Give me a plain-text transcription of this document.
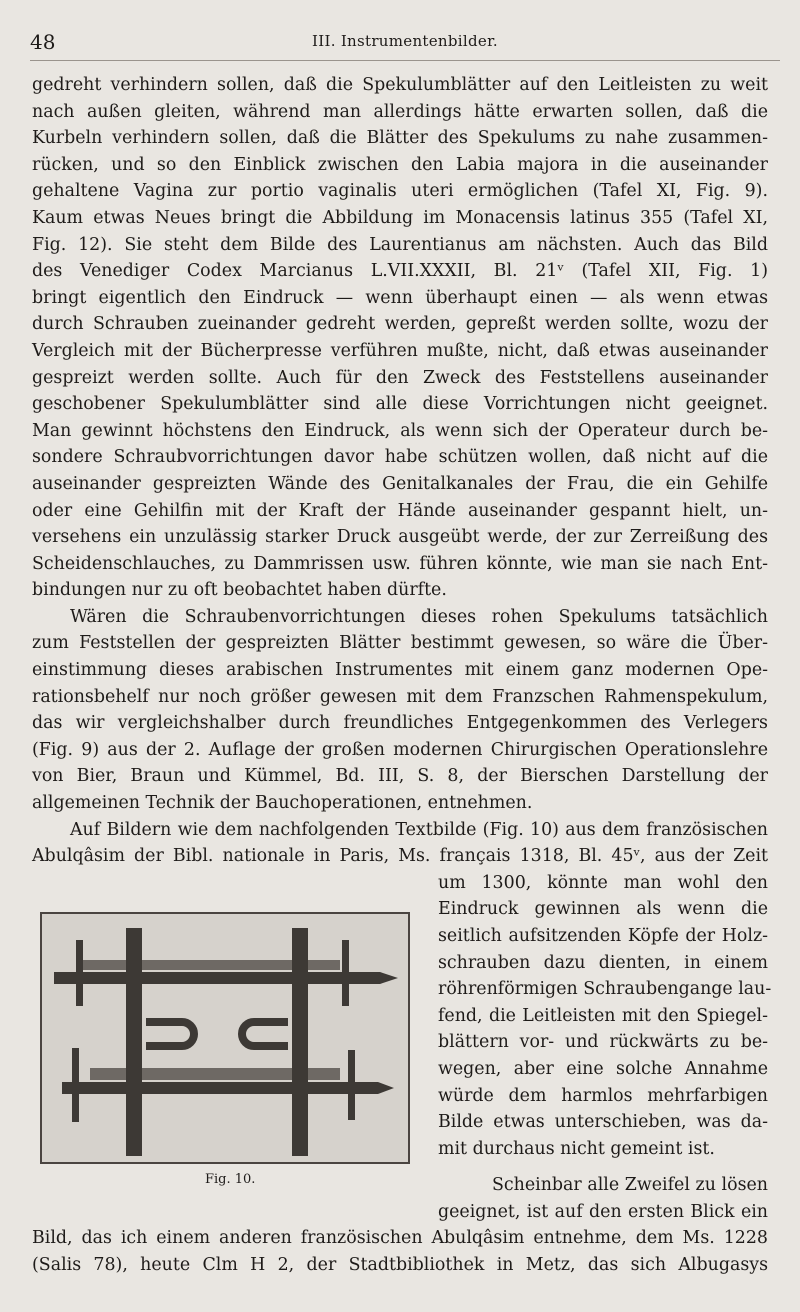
48	III. Instrumentenbilder.
gedreht verhindern sollen, daß die Spekulumblätter auf den Leitleisten zu weit
nach außen gleiten, während man allerdings hätte erwarten sollen, daß die
Kurbeln verhindern sollen, daß die Blätter des Spekulums zu nahe zusammen-
rücken, und so den Einblick zwischen den Labia majora in die auseinander
gehaltene Vagina zur portio vaginalis uteri ermöglichen (Tafel XI, Fig. 9).
Kaum etwas Neues bringt die Abbildung im Monacensis latinus 355 (Tafel XI,
Fig. 12). Sie steht dem Bilde des Laurentianus am nächsten. Auch das Bild
des Venediger Codex Marcianus L.VII.XXXII, Bl. 21ᵛ (Tafel XII, Fig. 1)
bringt eigentlich den Eindruck — wenn überhaupt einen — als wenn etwas
durch Schrauben zueinander gedreht werden, gepreßt werden sollte, wozu der
Vergleich mit der Bücherpresse verführen mußte, nicht, daß etwas auseinander
gespreizt werden sollte. Auch für den Zweck des Feststellens auseinander
geschobener Spekulumblätter sind alle diese Vorrichtungen nicht geeignet.
Man gewinnt höchstens den Eindruck, als wenn sich der Operateur durch be-
sondere Schraubvorrichtungen davor habe schützen wollen, daß nicht auf die
auseinander gespreizten Wände des Genitalkanales der Frau, die ein Gehilfe
oder eine Gehilfin mit der Kraft der Hände auseinander gespannt hielt, un-
versehens ein unzulässig starker Druck ausgeübt werde, der zur Zerreißung des
Scheidenschlauches, zu Dammrissen usw. führen könnte, wie man sie nach Ent-
bindungen nur zu oft beobachtet haben dürfte.
Wären die Schraubenvorrichtungen dieses rohen Spekulums tatsächlich
zum Feststellen der gespreizten Blätter bestimmt gewesen, so wäre die Über-
einstimmung dieses arabischen Instrumentes mit einem ganz modernen Ope-
rationsbehelf nur noch größer gewesen mit dem Franzschen Rahmenspekulum,
das wir vergleichshalber durch freundliches Entgegenkommen des Verlegers
(Fig. 9) aus der 2. Auflage der großen modernen Chirurgischen Operationslehre
von Bier, Braun und Kümmel, Bd. III, S. 8, der Bierschen Darstellung der
allgemeinen Technik der Bauchoperationen, entnehmen.
Auf Bildern wie dem nachfolgenden Textbilde (Fig. 10) aus dem französischen
Abulqâsim der Bibl. nationale in Paris, Ms. français 1318, Bl. 45ᵛ, aus der Zeit
um 1300, könnte man wohl den
Eindruck gewinnen als wenn die
seitlich aufsitzenden Köpfe der Holz-
schrauben dazu dienten, in einem
röhrenförmigen Schraubengange lau-
fend, die Leitleisten mit den Spiegel-
blättern vor- und rückwärts zu be-
wegen, aber eine solche Annahme
würde dem harmlos mehrfarbigen
Bilde etwas unterschieben, was da-
mit durchaus nicht gemeint ist.
Fig. 10.	Scheinbar alle Zweifel zu lösen
geeignet, ist auf den ersten Blick ein
Bild, das ich einem anderen französischen Abulqâsim entnehme, dem Ms. 1228
(Salis 78), heute Clm H 2, der Stadtbibliothek in Metz, das sich Albugasys
